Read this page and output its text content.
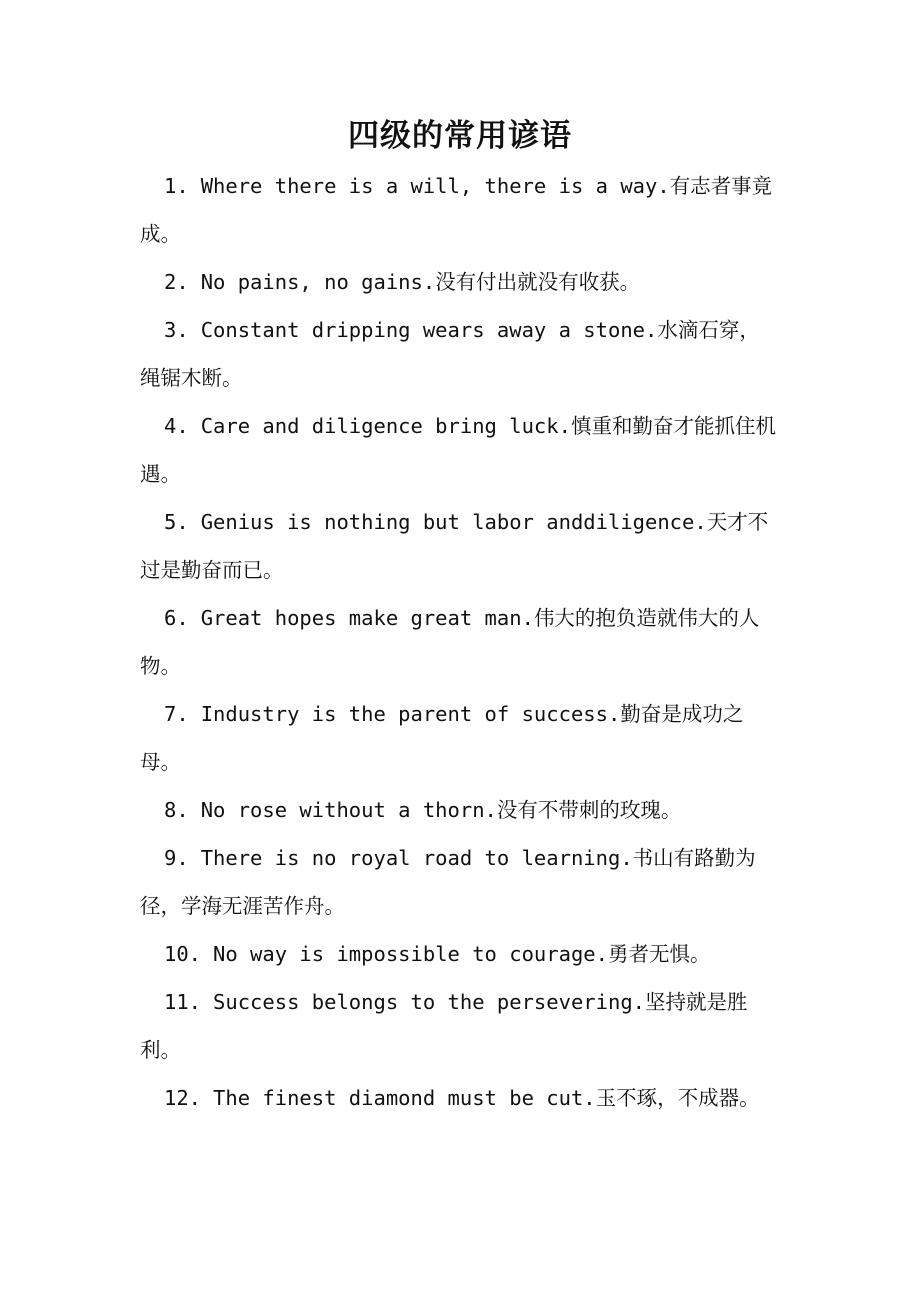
四级的常用谚语

1. Where there is a will, there is a way.有志者事竟成。

2. No pains, no gains.没有付出就没有收获。

3. Constant dripping wears away a stone.水滴石穿，绳锯木断。

4. Care and diligence bring luck.慎重和勤奋才能抓住机遇。

5. Genius is nothing but labor anddiligence.天才不过是勤奋而已。

6. Great hopes make great man.伟大的抱负造就伟大的人物。

7. Industry is the parent of success.勤奋是成功之母。

8. No rose without a thorn.没有不带刺的玫瑰。

9. There is no royal road to learning.书山有路勤为径，学海无涯苦作舟。

10. No way is impossible to courage.勇者无惧。

11. Success belongs to the persevering.坚持就是胜利。

12. The finest diamond must be cut.玉不琢，不成器。
